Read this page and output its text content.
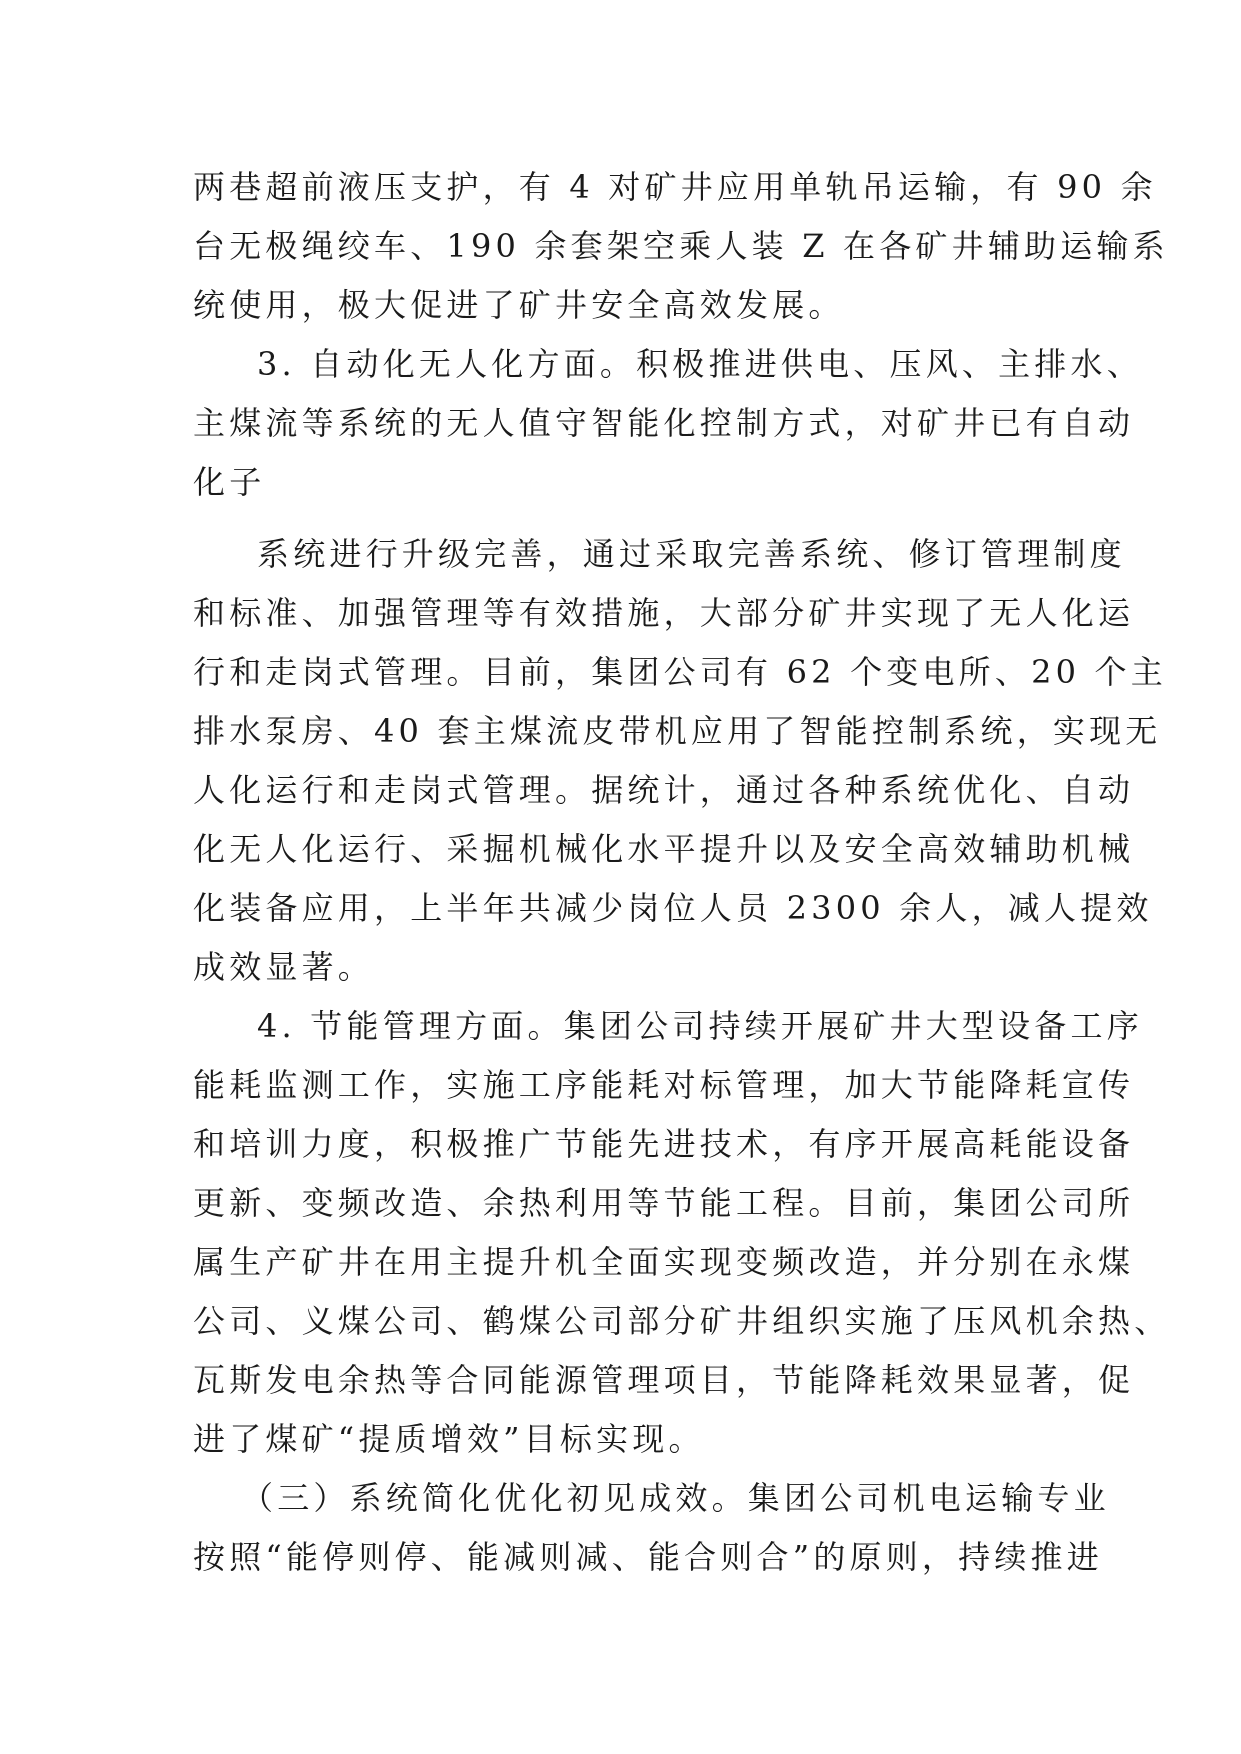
两巷超前液压支护，有 4 对矿井应用单轨吊运输，有 90 余
台无极绳绞车、190 余套架空乘人装 Z 在各矿井辅助运输系
统使用，极大促进了矿井安全高效发展。
3. 自动化无人化方面。积极推进供电、压风、主排水、
主煤流等系统的无人值守智能化控制方式，对矿井已有自动
化子
系统进行升级完善，通过采取完善系统、修订管理制度
和标准、加强管理等有效措施，大部分矿井实现了无人化运
行和走岗式管理。目前，集团公司有 62 个变电所、20 个主
排水泵房、40 套主煤流皮带机应用了智能控制系统，实现无
人化运行和走岗式管理。据统计，通过各种系统优化、自动
化无人化运行、采掘机械化水平提升以及安全高效辅助机械
化装备应用，上半年共减少岗位人员 2300 余人，减人提效
成效显著。
4. 节能管理方面。集团公司持续开展矿井大型设备工序
能耗监测工作，实施工序能耗对标管理，加大节能降耗宣传
和培训力度，积极推广节能先进技术，有序开展高耗能设备
更新、变频改造、余热利用等节能工程。目前，集团公司所
属生产矿井在用主提升机全面实现变频改造，并分别在永煤
公司、义煤公司、鹤煤公司部分矿井组织实施了压风机余热、
瓦斯发电余热等合同能源管理项目，节能降耗效果显著，促
进了煤矿“提质增效”目标实现。
（三）系统简化优化初见成效。集团公司机电运输专业
按照“能停则停、能减则减、能合则合”的原则，持续推进
